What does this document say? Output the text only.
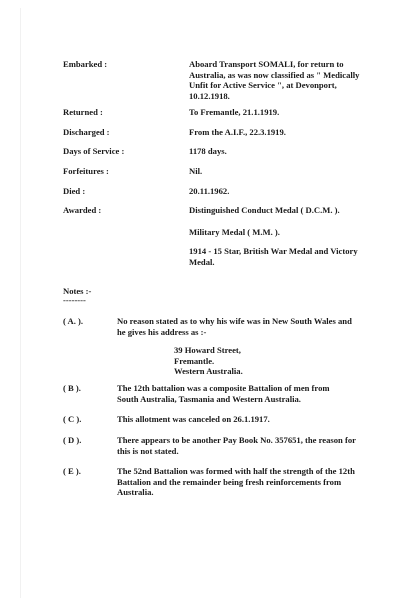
Embarked :	Aboard Transport SOMALI, for return to
Australia, as was now classified as " Medically
Unfit for Active Service ", at Devonport,
10.12.1918.
Returned :	To Fremantle, 21.1.1919.
Discharged :	From the A.I.F., 22.3.1919.
Days of Service :	1178 days.
Forfeitures :	Nil.
Died :	20.11.1962.
Awarded :	Distinguished Conduct Medal ( D.C.M. ).
Military Medal ( M.M. ).
1914 - 15 Star, British War Medal and Victory
Medal.
Notes :-
--------
( A. ).	No reason stated as to why his wife was in New South Wales and
he gives his address as :-
39 Howard Street,
Fremantle.
Western Australia.
( B ).	The 12th battalion was a composite Battalion of men from
South Australia, Tasmania and Western Australia.
( C ).	This allotment was canceled on 26.1.1917.
( D ).	There appears to be another Pay Book No. 357651, the reason for
this is not stated.
( E ).	The 52nd Battalion was formed with half the strength of the 12th
Battalion and the remainder being fresh reinforcements from
Australia.
